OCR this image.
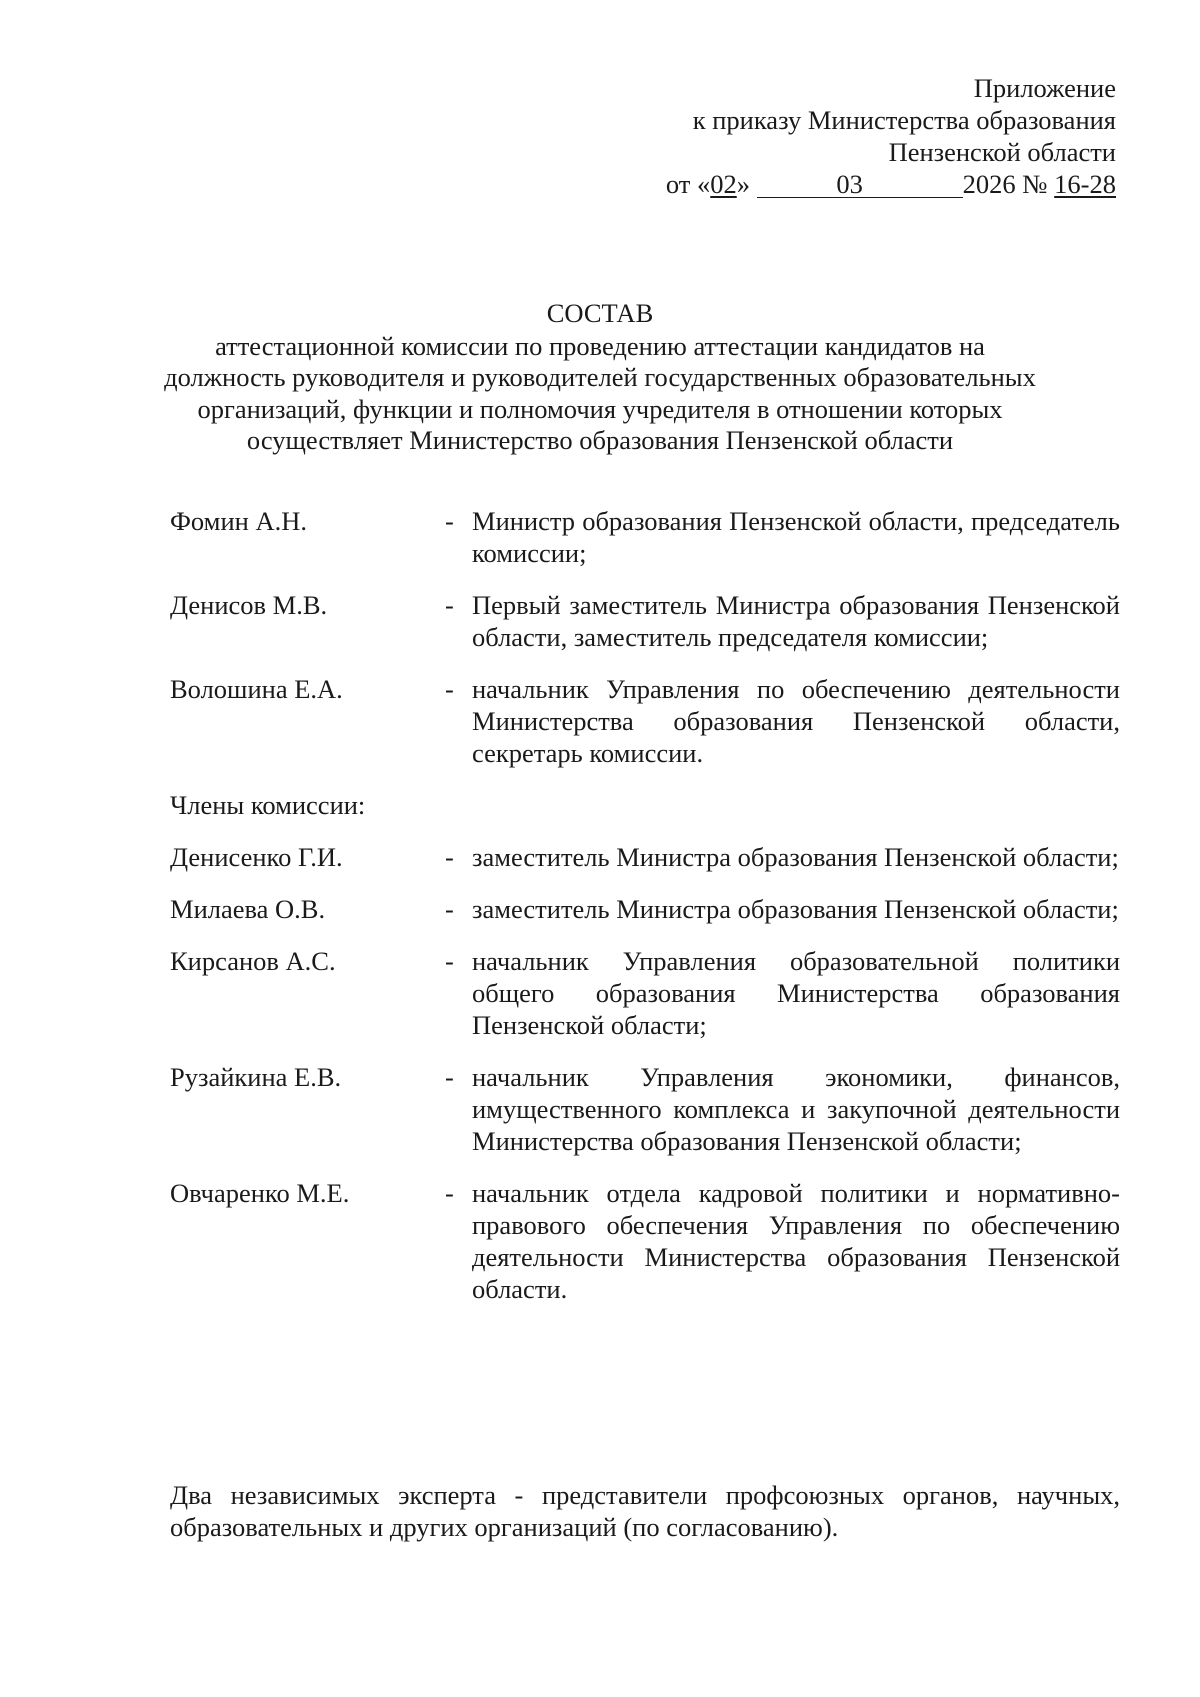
Приложение
к приказу Министерства образования
Пензенской области
от «02»	03	2026 № 16-28
СОСТАВ
аттестационной комиссии по проведению аттестации кандидатов на
должность руководителя и руководителей государственных образовательных
организаций, функции и полномочия учредителя в отношении которых
осуществляет Министерство образования Пензенской области
Фомин А.Н.	- Министр образования Пензенской области, председатель комиссии;
Денисов М.В.	- Первый заместитель Министра образования Пензенской области, заместитель председателя комиссии;
Волошина Е.А.	- начальник Управления по обеспечению деятельности Министерства образования Пензенской области, секретарь комиссии.
Члены комиссии:
Денисенко Г.И.	- заместитель Министра образования Пензенской области;
Милаева О.В.	- заместитель Министра образования Пензенской области;
Кирсанов А.С.	- начальник Управления образовательной политики общего образования Министерства образования Пензенской области;
Рузайкина Е.В.	- начальник Управления экономики, финансов, имущественного комплекса и закупочной деятельности Министерства образования Пензенской области;
Овчаренко М.Е.	- начальник отдела кадровой политики и нормативно-правового обеспечения Управления по обеспечению деятельности Министерства образования Пензенской области.
Два независимых эксперта - представители профсоюзных органов, научных, образовательных и других организаций (по согласованию).
